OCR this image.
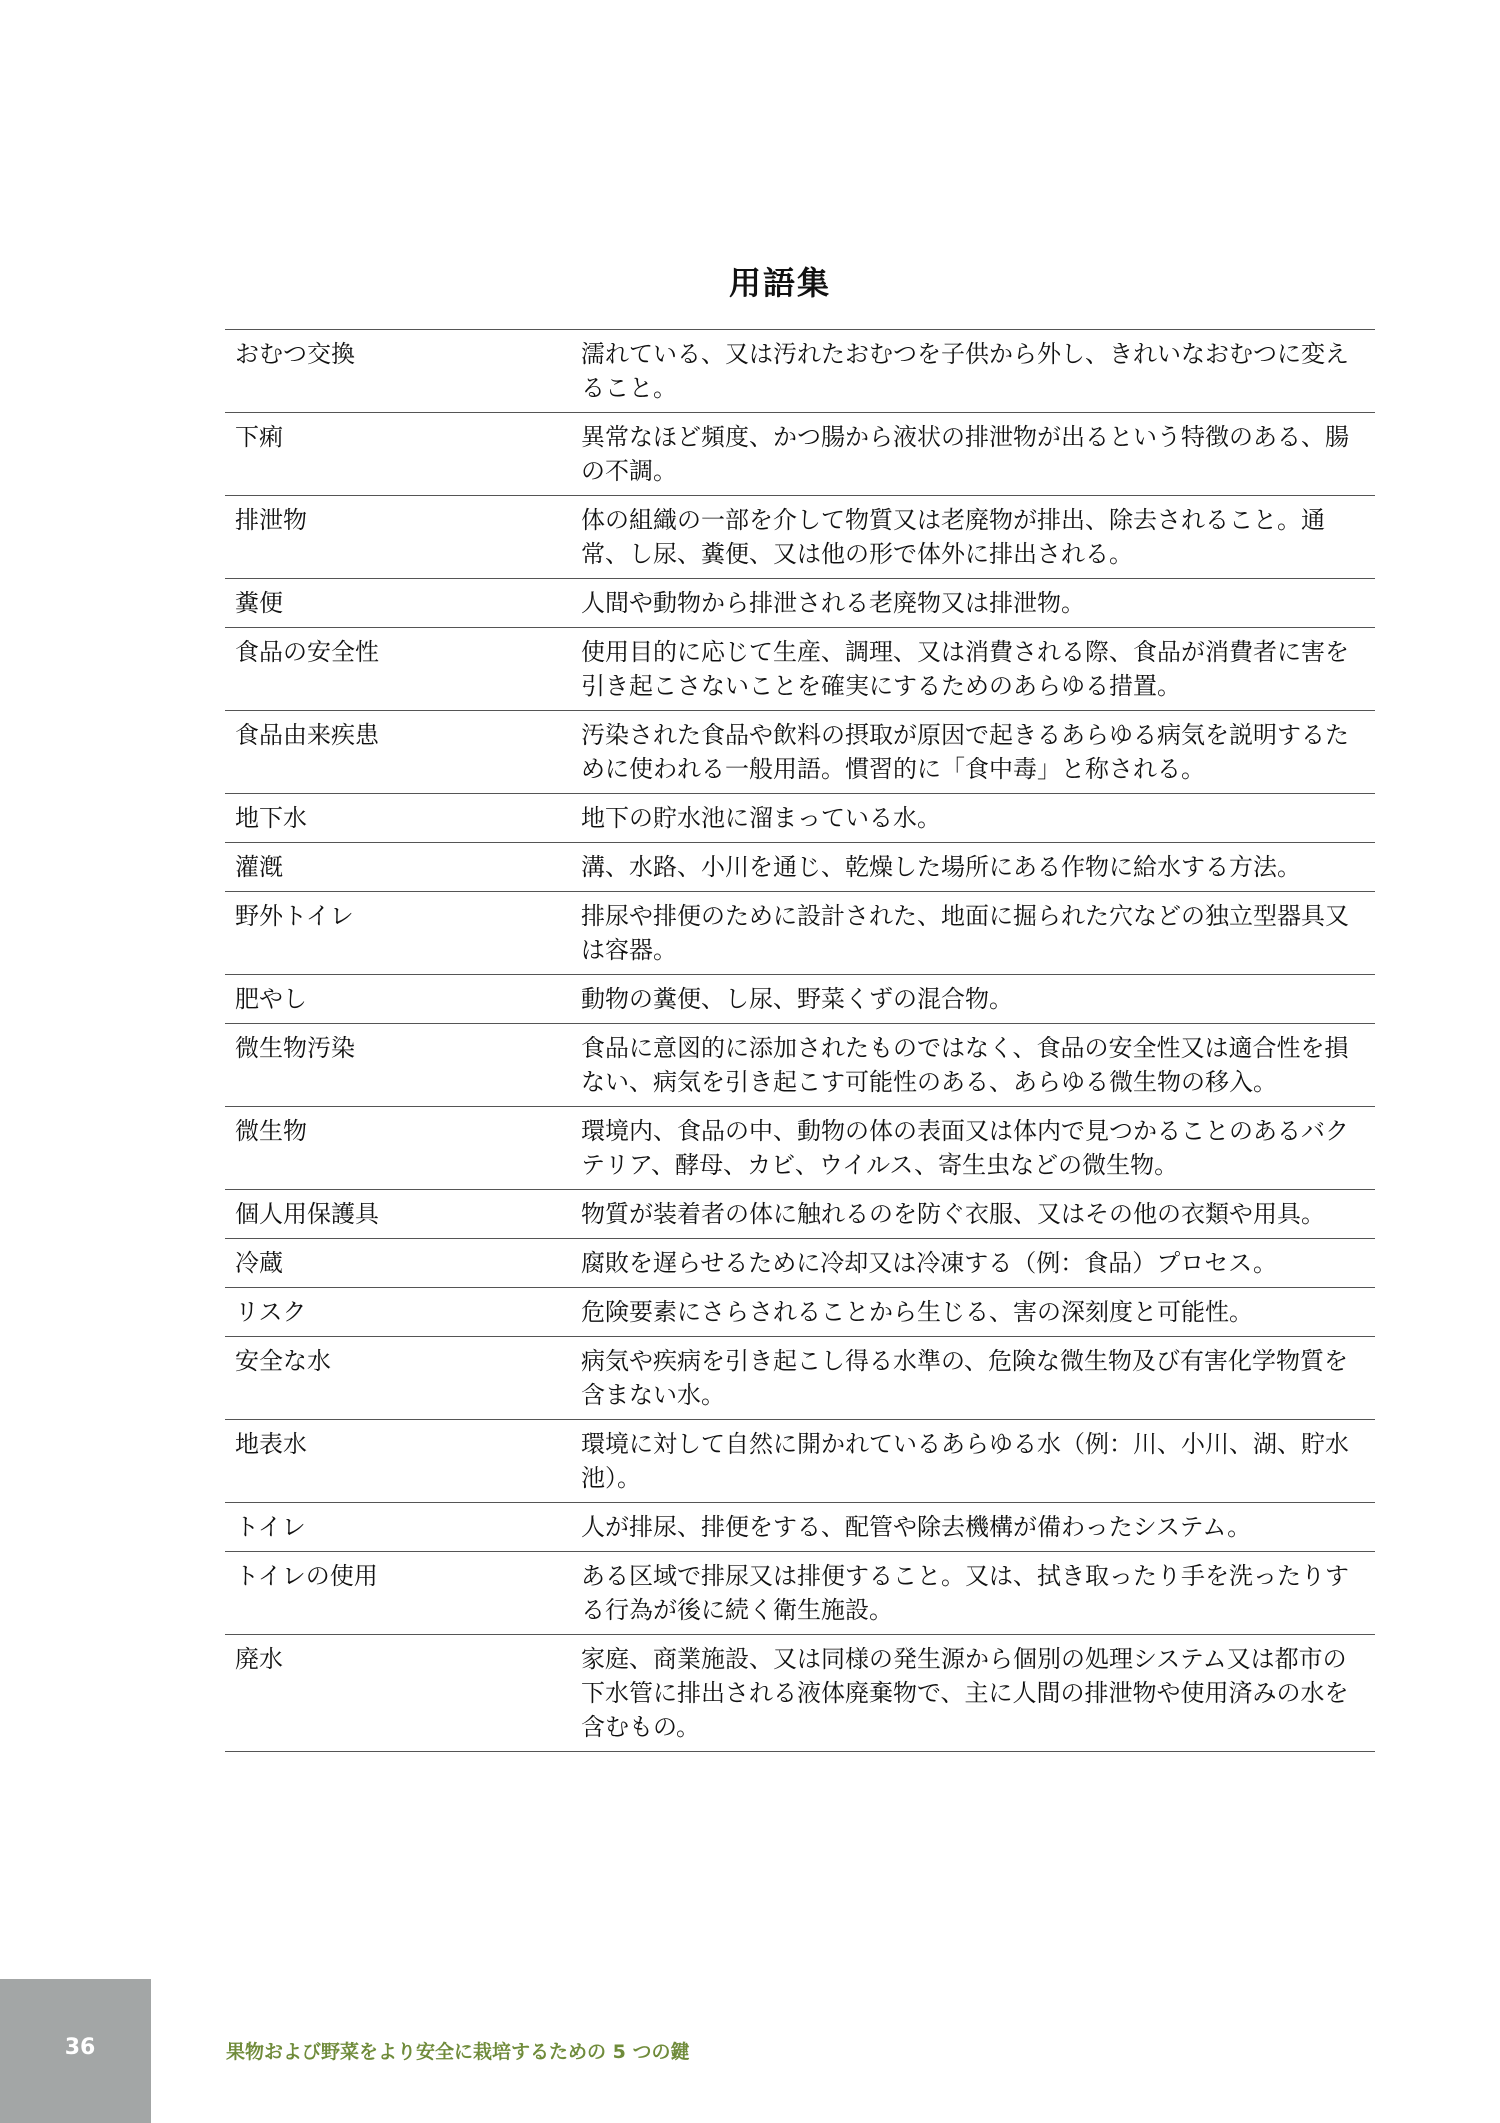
用語集
おむつ交換	濡れている、又は汚れたおむつを子供から外し、きれいなおむつに変えること。
下痢	異常なほど頻度、かつ腸から液状の排泄物が出るという特徴のある、腸の不調。
排泄物	体の組織の一部を介して物質又は老廃物が排出、除去されること。通常、し尿、糞便、又は他の形で体外に排出される。
糞便	人間や動物から排泄される老廃物又は排泄物。
食品の安全性	使用目的に応じて生産、調理、又は消費される際、食品が消費者に害を引き起こさないことを確実にするためのあらゆる措置。
食品由来疾患	汚染された食品や飲料の摂取が原因で起きるあらゆる病気を説明するために使われる一般用語。慣習的に「食中毒」と称される。
地下水	地下の貯水池に溜まっている水。
灌漑	溝、水路、小川を通じ、乾燥した場所にある作物に給水する方法。
野外トイレ	排尿や排便のために設計された、地面に掘られた穴などの独立型器具又は容器。
肥やし	動物の糞便、し尿、野菜くずの混合物。
微生物汚染	食品に意図的に添加されたものではなく、食品の安全性又は適合性を損ない、病気を引き起こす可能性のある、あらゆる微生物の移入。
微生物	環境内、食品の中、動物の体の表面又は体内で見つかることのあるバクテリア、酵母、カビ、ウイルス、寄生虫などの微生物。
個人用保護具	物質が装着者の体に触れるのを防ぐ衣服、又はその他の衣類や用具。
冷蔵	腐敗を遅らせるために冷却又は冷凍する（例：食品）プロセス。
リスク	危険要素にさらされることから生じる、害の深刻度と可能性。
安全な水	病気や疾病を引き起こし得る水準の、危険な微生物及び有害化学物質を含まない水。
地表水	環境に対して自然に開かれているあらゆる水（例：川、小川、湖、貯水池）。
トイレ	人が排尿、排便をする、配管や除去機構が備わったシステム。
トイレの使用	ある区域で排尿又は排便すること。又は、拭き取ったり手を洗ったりする行為が後に続く衛生施設。
廃水	家庭、商業施設、又は同様の発生源から個別の処理システム又は都市の下水管に排出される液体廃棄物で、主に人間の排泄物や使用済みの水を含むもの。
36	果物および野菜をより安全に栽培するための 5 つの鍵
